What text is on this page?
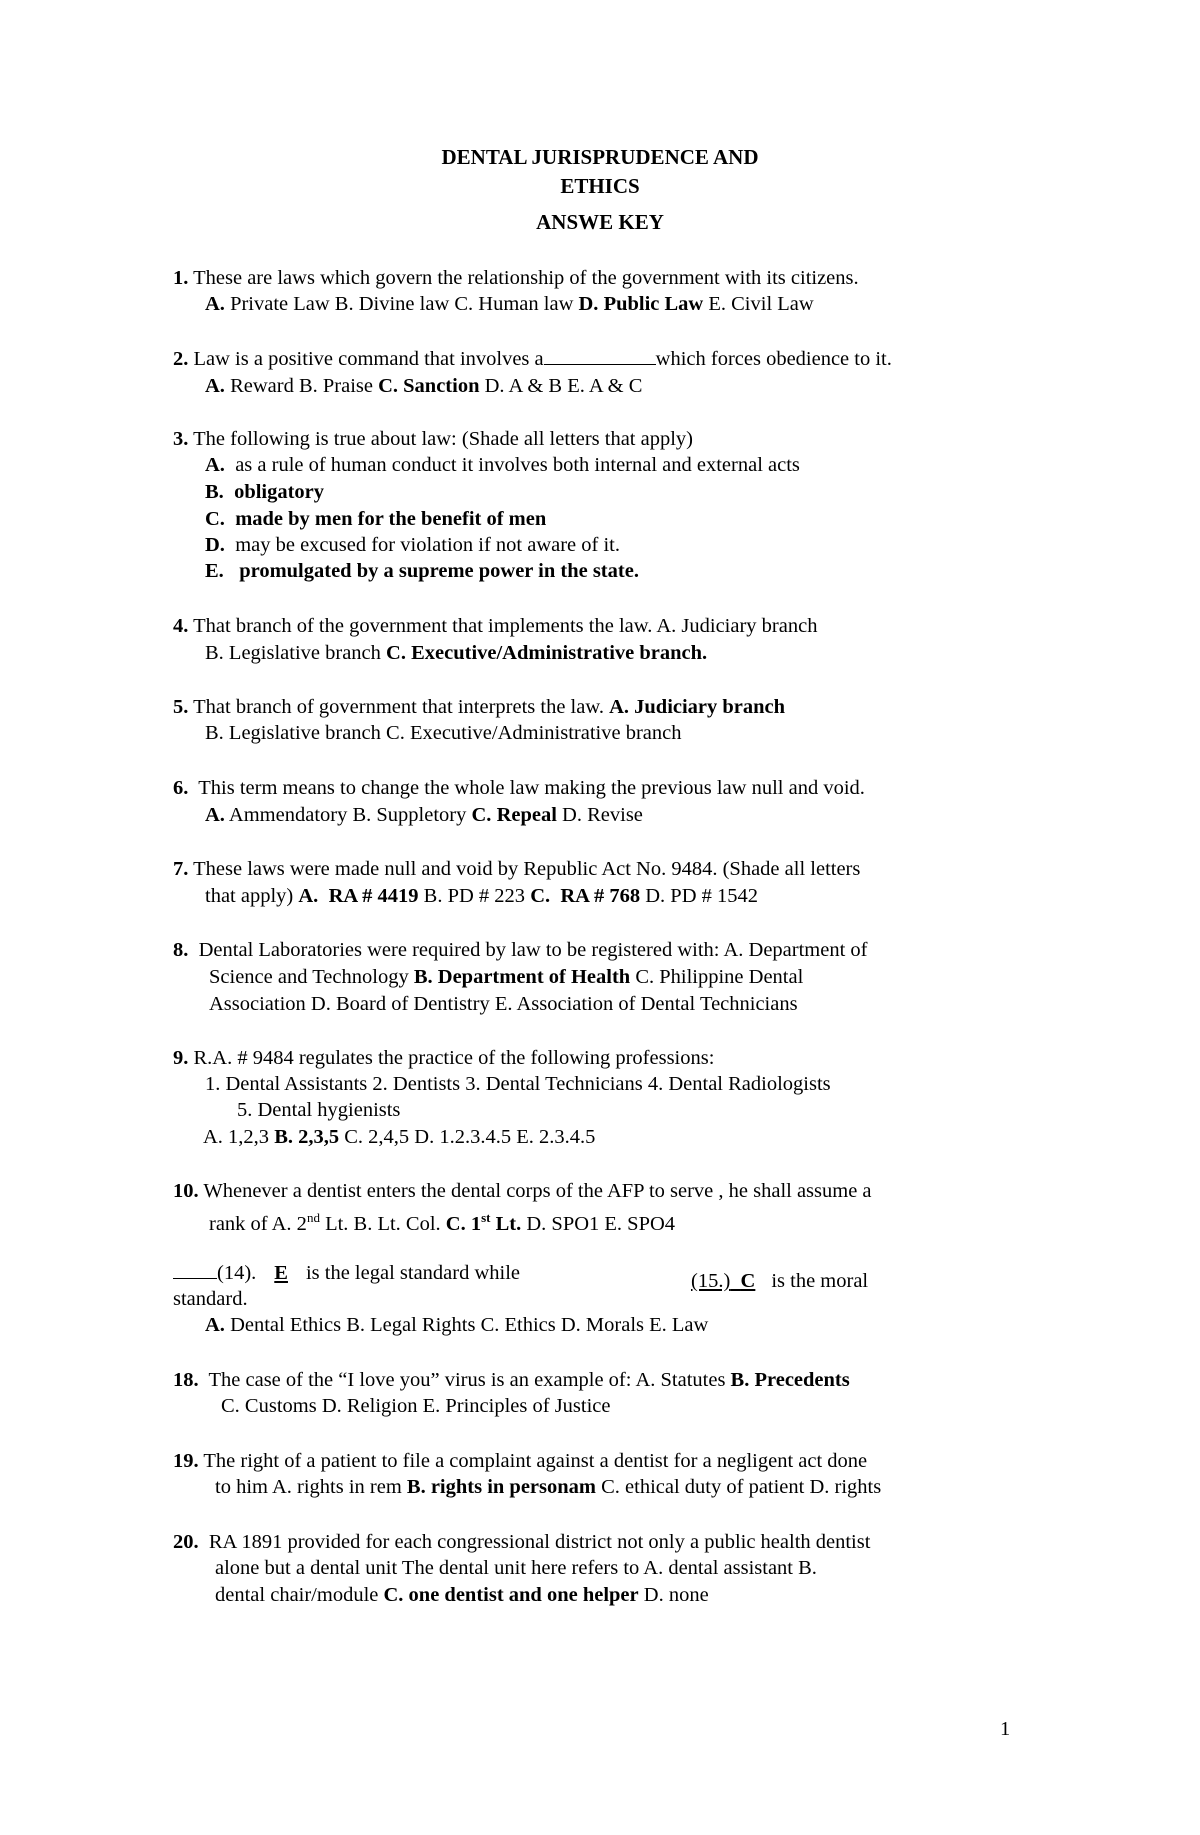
DENTAL JURISPRUDENCE AND
ETHICS
ANSWE KEY
1. These are laws which govern the relationship of the government with its citizens.
A. Private Law B. Divine law C. Human law D. Public Law E. Civil Law
2. Law is a positive command that involves a	which forces obedience to it.
A. Reward B. Praise C. Sanction D. A & B E. A & C
3. The following is true about law: (Shade all letters that apply)
A. as a rule of human conduct it involves both internal and external acts
B. obligatory
C. made by men for the benefit of men
D. may be excused for violation if not aware of it.
E. promulgated by a supreme power in the state.
4. That branch of the government that implements the law. A. Judiciary branch
B. Legislative branch C. Executive/Administrative branch.
5. That branch of government that interprets the law. A. Judiciary branch
B. Legislative branch C. Executive/Administrative branch
6. This term means to change the whole law making the previous law null and void.
A. Ammendatory B. Suppletory C. Repeal D. Revise
7. These laws were made null and void by Republic Act No. 9484. (Shade all letters
that apply) A. RA # 4419 B. PD # 223 C. RA # 768 D. PD # 1542
8. Dental Laboratories were required by law to be registered with: A. Department of
Science and Technology B. Department of Health C. Philippine Dental
Association D. Board of Dentistry E. Association of Dental Technicians
9. R.A. # 9484 regulates the practice of the following professions:
1. Dental Assistants 2. Dentists 3. Dental Technicians 4. Dental Radiologists
5. Dental hygienists
A. 1,2,3 B. 2,3,5 C. 2,4,5 D. 1.2.3.4.5 E. 2.3.4.5
10. Whenever a dentist enters the dental corps of the AFP to serve , he shall assume a
rank of A. 2nd Lt. B. Lt. Col. C. 1st Lt. D. SPO1 E. SPO4
(14). E is the legal standard while	(15.) C is the moral
standard.
A. Dental Ethics B. Legal Rights C. Ethics D. Morals E. Law
18. The case of the “I love you” virus is an example of: A. Statutes B. Precedents
C. Customs D. Religion E. Principles of Justice
19. The right of a patient to file a complaint against a dentist for a negligent act done
to him A. rights in rem B. rights in personam C. ethical duty of patient D. rights
20. RA 1891 provided for each congressional district not only a public health dentist
alone but a dental unit The dental unit here refers to A. dental assistant B.
dental chair/module C. one dentist and one helper D. none
1
